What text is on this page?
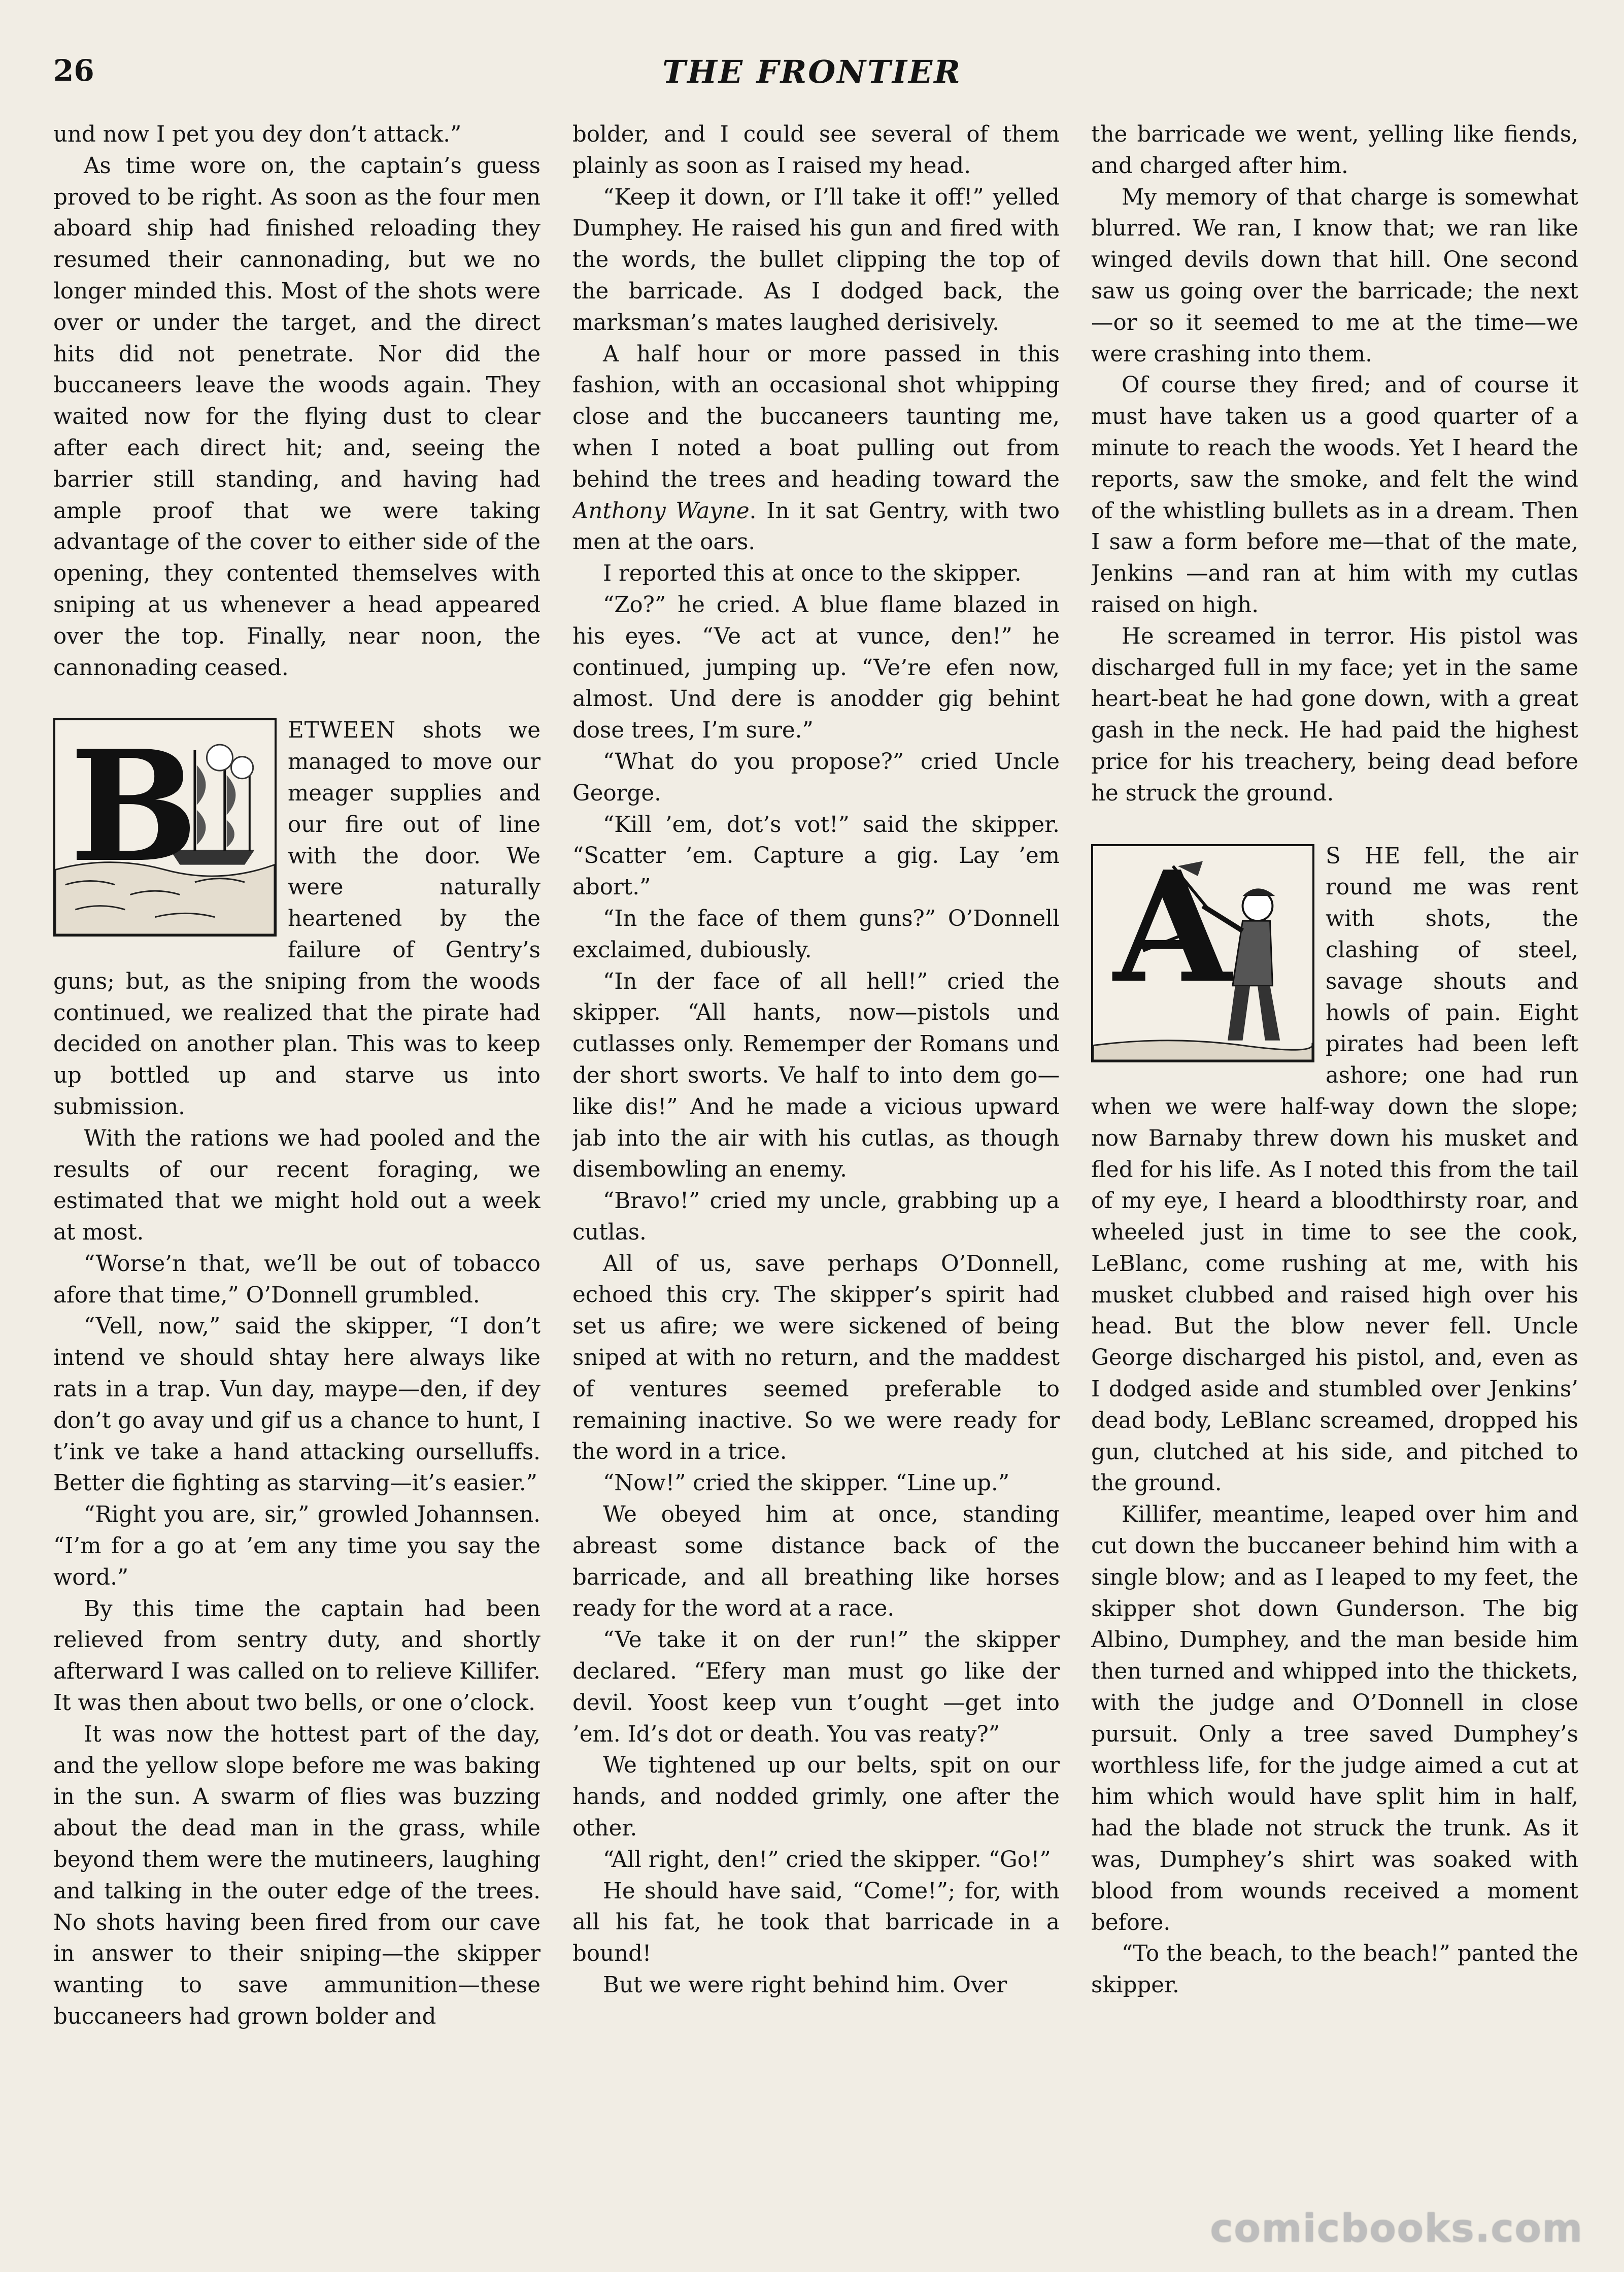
26	THE FRONTIER

und now I pet you dey don’t attack.”

As time wore on, the captain’s guess proved to be right. As soon as the four men aboard ship had finished reloading they resumed their cannonading, but we no longer minded this. Most of the shots were over or under the target, and the direct hits did not penetrate. Nor did the buccaneers leave the woods again. They waited now for the flying dust to clear after each direct hit; and, seeing the barrier still standing, and having had ample proof that we were taking advantage of the cover to either side of the opening, they contented themselves with sniping at us whenever a head appeared over the top. Finally, near noon, the cannonading ceased.

B	ETWEEN shots we managed to move our meager supplies and our fire out of line with the door. We were naturally heartened by the failure of Gentry’s guns; but, as the sniping from the woods continued, we realized that the pirate had decided on another plan. This was to keep up bottled up and starve us into submission.

With the rations we had pooled and the results of our recent foraging, we estimated that we might hold out a week at most.

“Worse’n that, we’ll be out of tobacco afore that time,” O’Donnell grumbled.

“Vell, now,” said the skipper, “I don’t intend ve should shtay here always like rats in a trap. Vun day, maype—den, if dey don’t go avay und gif us a chance to hunt, I t’ink ve take a hand attacking ourselluffs. Better die fighting as starving—it’s easier.”

“Right you are, sir,” growled Johannsen. “I’m for a go at ’em any time you say the word.”

By this time the captain had been relieved from sentry duty, and shortly afterward I was called on to relieve Killifer. It was then about two bells, or one o’clock.

It was now the hottest part of the day, and the yellow slope before me was baking in the sun. A swarm of flies was buzzing about the dead man in the grass, while beyond them were the mutineers, laughing and talking in the outer edge of the trees. No shots having been fired from our cave in answer to their sniping—the skipper wanting to save ammunition—these buccaneers had grown bolder and

bolder, and I could see several of them plainly as soon as I raised my head.

“Keep it down, or I’ll take it off!” yelled Dumphey. He raised his gun and fired with the words, the bullet clipping the top of the barricade. As I dodged back, the marksman’s mates laughed derisively.

A half hour or more passed in this fashion, with an occasional shot whipping close and the buccaneers taunting me, when I noted a boat pulling out from behind the trees and heading toward the Anthony Wayne. In it sat Gentry, with two men at the oars.

I reported this at once to the skipper.

“Zo?” he cried. A blue flame blazed in his eyes. “Ve act at vunce, den!” he continued, jumping up. “Ve’re efen now, almost. Und dere is anodder gig behint dose trees, I’m sure.”

“What do you propose?” cried Uncle George.

“Kill ’em, dot’s vot!” said the skipper. “Scatter ’em. Capture a gig. Lay ’em abort.”

“In the face of them guns?” O’Donnell exclaimed, dubiously.

“In der face of all hell!” cried the skipper. “All hants, now—pistols und cutlasses only. Rememper der Romans und der short sworts. Ve half to into dem go—like dis!” And he made a vicious upward jab into the air with his cutlas, as though disembowling an enemy.

“Bravo!” cried my uncle, grabbing up a cutlas.

All of us, save perhaps O’Donnell, echoed this cry. The skipper’s spirit had set us afire; we were sickened of being sniped at with no return, and the maddest of ventures seemed preferable to remaining inactive. So we were ready for the word in a trice.

“Now!” cried the skipper. “Line up.”

We obeyed him at once, standing abreast some distance back of the barricade, and all breathing like horses ready for the word at a race.

“Ve take it on der run!” the skipper declared. “Efery man must go like der devil. Yoost keep vun t’ought —get into ’em. Id’s dot or death. You vas reaty?”

We tightened up our belts, spit on our hands, and nodded grimly, one after the other.

“All right, den!” cried the skipper. “Go!”

He should have said, “Come!”; for, with all his fat, he took that barricade in a bound!

But we were right behind him. Over

the barricade we went, yelling like fiends, and charged after him.

My memory of that charge is somewhat blurred. We ran, I know that; we ran like winged devils down that hill. One second saw us going over the barricade; the next—or so it seemed to me at the time—we were crashing into them.

Of course they fired; and of course it must have taken us a good quarter of a minute to reach the woods. Yet I heard the reports, saw the smoke, and felt the wind of the whistling bullets as in a dream. Then I saw a form before me—that of the mate, Jenkins —and ran at him with my cutlas raised on high.

He screamed in terror. His pistol was discharged full in my face; yet in the same heart-beat he had gone down, with a great gash in the neck. He had paid the highest price for his treachery, being dead before he struck the ground.

A	S HE fell, the air round me was rent with shots, the clashing of steel, savage shouts and howls of pain. Eight pirates had been left ashore; one had run when we were half-way down the slope; now Barnaby threw down his musket and fled for his life. As I noted this from the tail of my eye, I heard a bloodthirsty roar, and wheeled just in time to see the cook, LeBlanc, come rushing at me, with his musket clubbed and raised high over his head. But the blow never fell. Uncle George discharged his pistol, and, even as I dodged aside and stumbled over Jenkins’ dead body, LeBlanc screamed, dropped his gun, clutched at his side, and pitched to the ground.

Killifer, meantime, leaped over him and cut down the buccaneer behind him with a single blow; and as I leaped to my feet, the skipper shot down Gunderson. The big Albino, Dumphey, and the man beside him then turned and whipped into the thickets, with the judge and O’Donnell in close pursuit. Only a tree saved Dumphey’s worthless life, for the judge aimed a cut at him which would have split him in half, had the blade not struck the trunk. As it was, Dumphey’s shirt was soaked with blood from wounds received a moment before.

“To the beach, to the beach!” panted the skipper.

comicbooks.com
